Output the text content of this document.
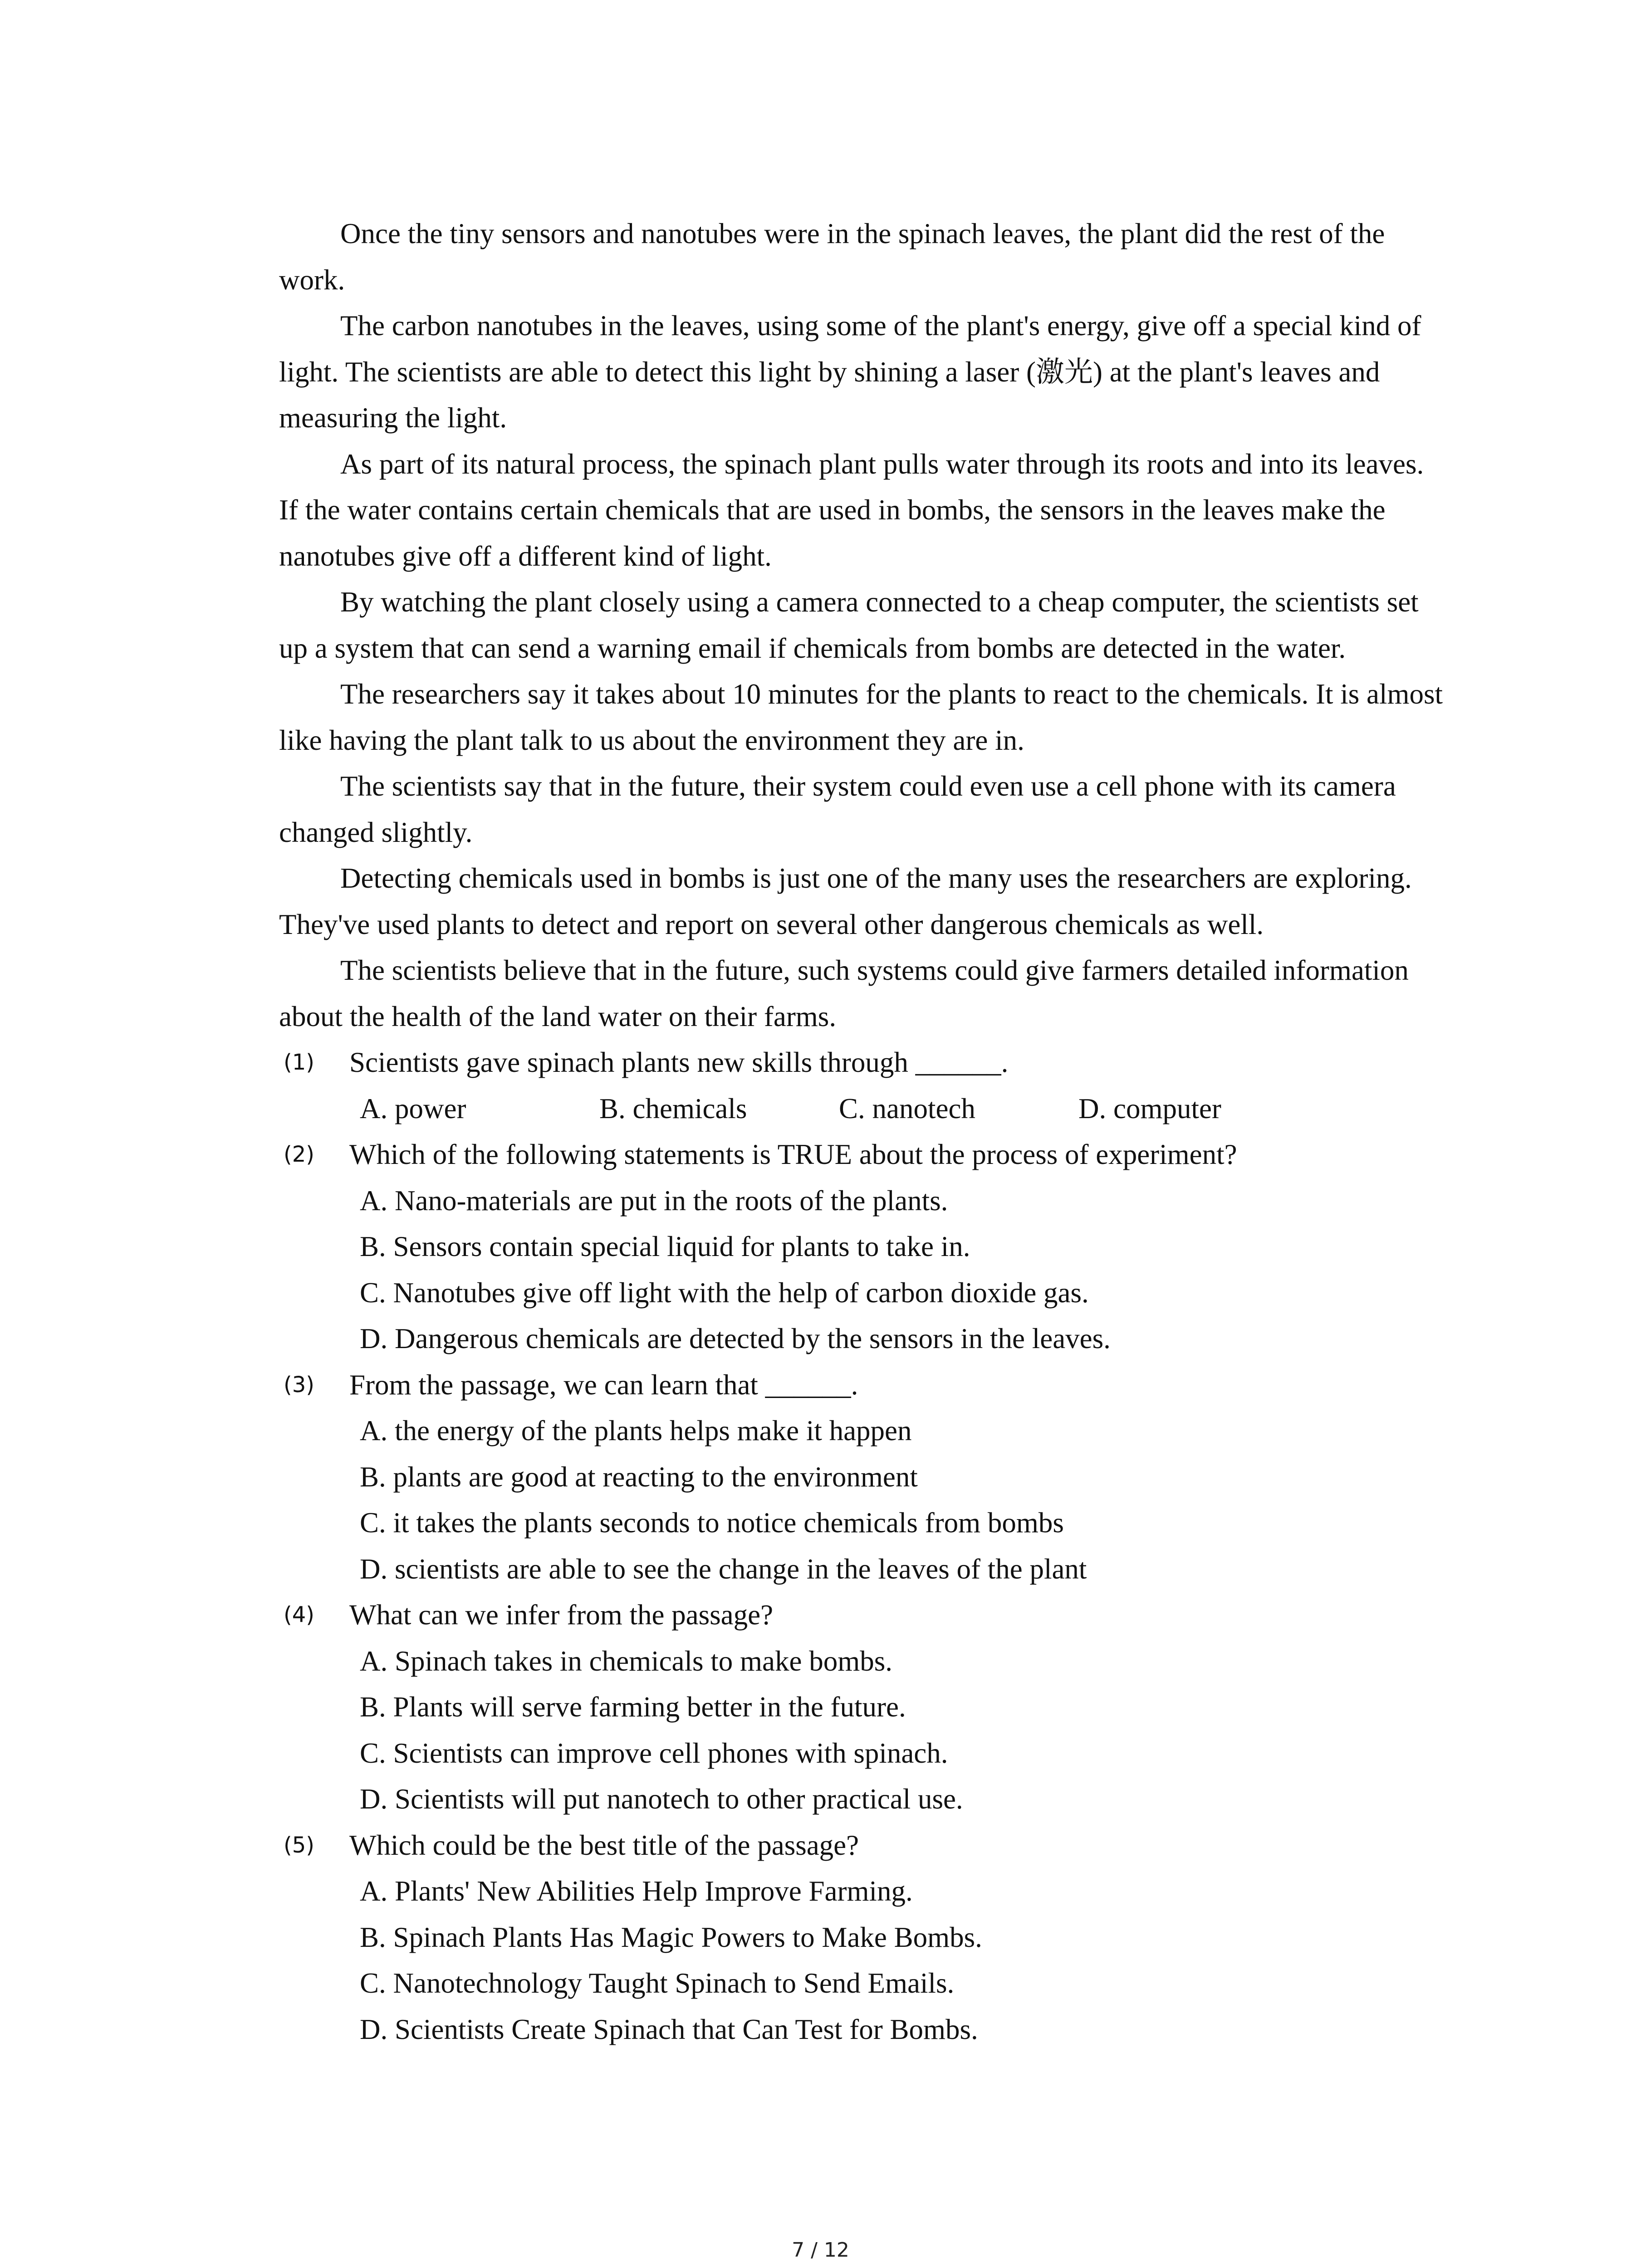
Once the tiny sensors and nanotubes were in the spinach leaves, the plant did the rest of the work.

The carbon nanotubes in the leaves, using some of the plant's energy, give off a special kind of light. The scientists are able to detect this light by shining a laser (激光) at the plant's leaves and measuring the light.

As part of its natural process, the spinach plant pulls water through its roots and into its leaves. If the water contains certain chemicals that are used in bombs, the sensors in the leaves make the nanotubes give off a different kind of light.

By watching the plant closely using a camera connected to a cheap computer, the scientists set up a system that can send a warning email if chemicals from bombs are detected in the water.

The researchers say it takes about 10 minutes for the plants to react to the chemicals. It is almost like having the plant talk to us about the environment they are in.

The scientists say that in the future, their system could even use a cell phone with its camera changed slightly.

Detecting chemicals used in bombs is just one of the many uses the researchers are exploring. They've used plants to detect and report on several other dangerous chemicals as well.

The scientists believe that in the future, such systems could give farmers detailed information about the health of the land water on their farms.

(1) Scientists gave spinach plants new skills through ______.

A. power	B. chemicals	C. nanotech	D. computer

(2) Which of the following statements is TRUE about the process of experiment?

A. Nano-materials are put in the roots of the plants.

B. Sensors contain special liquid for plants to take in.

C. Nanotubes give off light with the help of carbon dioxide gas.

D. Dangerous chemicals are detected by the sensors in the leaves.

(3) From the passage, we can learn that ______.

A. the energy of the plants helps make it happen

B. plants are good at reacting to the environment

C. it takes the plants seconds to notice chemicals from bombs

D. scientists are able to see the change in the leaves of the plant

(4) What can we infer from the passage?

A. Spinach takes in chemicals to make bombs.

B. Plants will serve farming better in the future.

C. Scientists can improve cell phones with spinach.

D. Scientists will put nanotech to other practical use.

(5) Which could be the best title of the passage?

A. Plants' New Abilities Help Improve Farming.

B. Spinach Plants Has Magic Powers to Make Bombs.

C. Nanotechnology Taught Spinach to Send Emails.

D. Scientists Create Spinach that Can Test for Bombs.

7 / 12
